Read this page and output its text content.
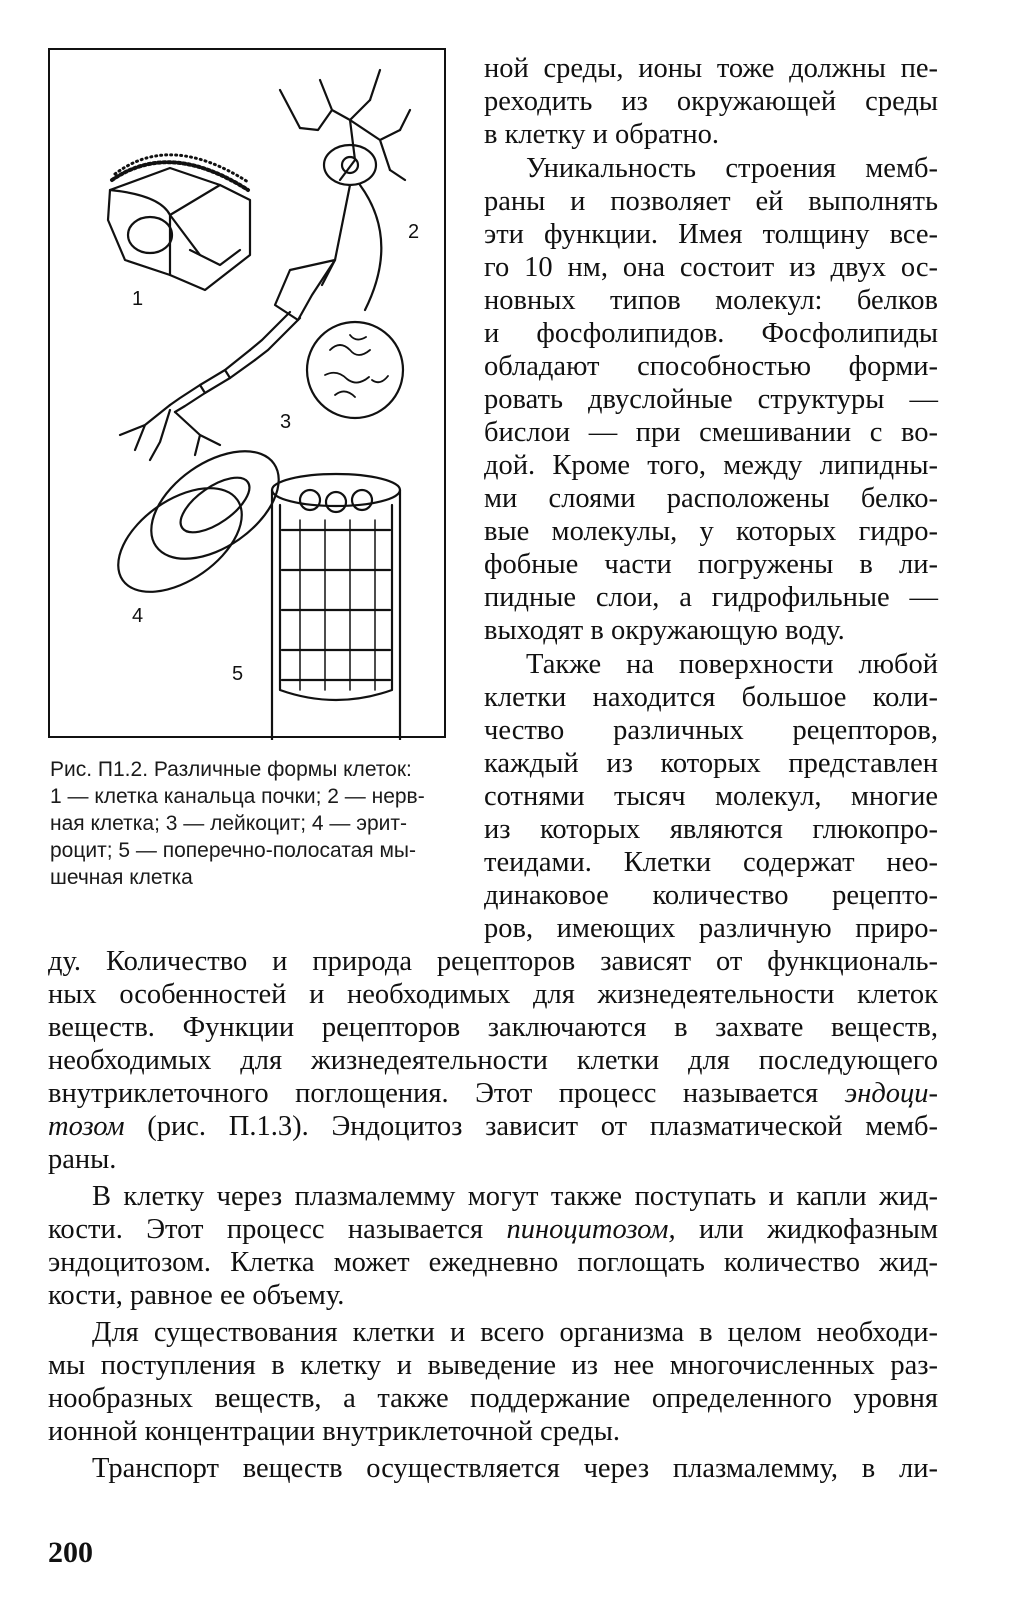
1
2
3
4
5
Рис. П1.2. Различные формы клеток:
1 — клетка канальца почки; 2 — нерв-
ная клетка; 3 — лейкоцит; 4 — эрит-
роцит; 5 — поперечно-полосатая мы-
шечная клетка
ной среды, ионы тоже должны пе-
реходить из окружающей среды
в клетку и обратно.
Уникальность строения мемб-
раны и позволяет ей выполнять
эти функции. Имея толщину все-
го 10 нм, она состоит из двух ос-
новных типов молекул: белков
и фосфолипидов. Фосфолипиды
обладают способностью форми-
ровать двуслойные структуры —
бислои — при смешивании с во-
дой. Кроме того, между липидны-
ми слоями расположены белко-
вые молекулы, у которых гидро-
фобные части погружены в ли-
пидные слои, а гидрофильные —
выходят в окружающую воду.
Также на поверхности любой
клетки находится большое коли-
чество различных рецепторов,
каждый из которых представлен
сотнями тысяч молекул, многие
из которых являются глюкопро-
теидами. Клетки содержат нео-
динаковое количество рецепто-
ров, имеющих различную приро-
ду. Количество и природа рецепторов зависят от функциональ-
ных особенностей и необходимых для жизнедеятельности клеток
веществ. Функции рецепторов заключаются в захвате веществ,
необходимых для жизнедеятельности клетки для последующего
внутриклеточного поглощения. Этот процесс называется эндоци-
тозом (рис. П.1.3). Эндоцитоз зависит от плазматической мемб-
раны.
В клетку через плазмалемму могут также поступать и капли жид-
кости. Этот процесс называется пиноцитозом, или жидкофазным
эндоцитозом. Клетка может ежедневно поглощать количество жид-
кости, равное ее объему.
Для существования клетки и всего организма в целом необходи-
мы поступления в клетку и выведение из нее многочисленных раз-
нообразных веществ, а также поддержание определенного уровня
ионной концентрации внутриклеточной среды.
Транспорт веществ осуществляется через плазмалемму, в ли-
200
